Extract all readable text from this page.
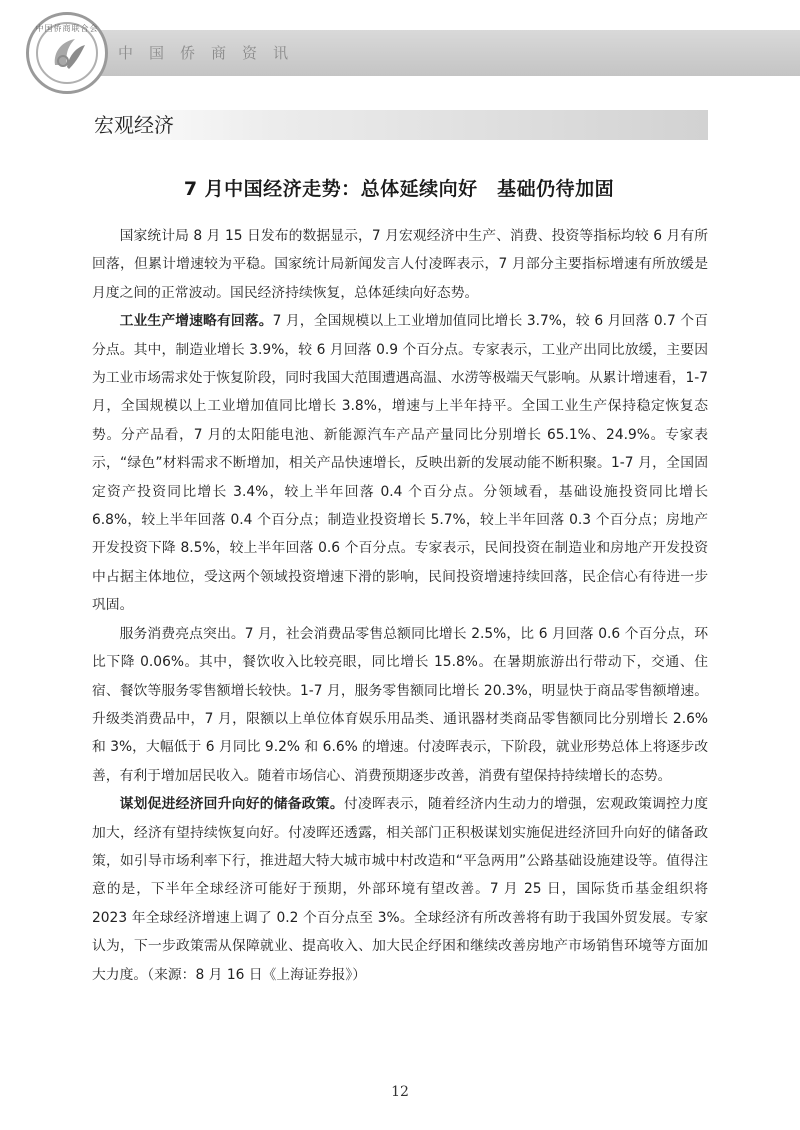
中国侨商联合会
中国侨商资讯
宏观经济
7 月中国经济走势：总体延续向好　基础仍待加固

国家统计局 8 月 15 日发布的数据显示，7 月宏观经济中生产、消费、投资等指标均较 6 月有所回落，但累计增速较为平稳。国家统计局新闻发言人付凌晖表示，7 月部分主要指标增速有所放缓是月度之间的正常波动。国民经济持续恢复，总体延续向好态势。

工业生产增速略有回落。7 月，全国规模以上工业增加值同比增长 3.7%，较 6 月回落 0.7 个百分点。其中，制造业增长 3.9%，较 6 月回落 0.9 个百分点。专家表示，工业产出同比放缓，主要因为工业市场需求处于恢复阶段，同时我国大范围遭遇高温、水涝等极端天气影响。从累计增速看，1-7 月，全国规模以上工业增加值同比增长 3.8%，增速与上半年持平。全国工业生产保持稳定恢复态势。分产品看，7 月的太阳能电池、新能源汽车产品产量同比分别增长 65.1%、24.9%。专家表示，“绿色”材料需求不断增加，相关产品快速增长，反映出新的发展动能不断积聚。1-7 月，全国固定资产投资同比增长 3.4%，较上半年回落 0.4 个百分点。分领域看，基础设施投资同比增长 6.8%，较上半年回落 0.4 个百分点；制造业投资增长 5.7%，较上半年回落 0.3 个百分点；房地产开发投资下降 8.5%，较上半年回落 0.6 个百分点。专家表示，民间投资在制造业和房地产开发投资中占据主体地位，受这两个领域投资增速下滑的影响，民间投资增速持续回落，民企信心有待进一步巩固。

服务消费亮点突出。7 月，社会消费品零售总额同比增长 2.5%，比 6 月回落 0.6 个百分点，环比下降 0.06%。其中，餐饮收入比较亮眼，同比增长 15.8%。在暑期旅游出行带动下，交通、住宿、餐饮等服务零售额增长较快。1-7 月，服务零售额同比增长 20.3%，明显快于商品零售额增速。升级类消费品中，7 月，限额以上单位体育娱乐用品类、通讯器材类商品零售额同比分别增长 2.6% 和 3%，大幅低于 6 月同比 9.2% 和 6.6% 的增速。付凌晖表示，下阶段，就业形势总体上将逐步改善，有利于增加居民收入。随着市场信心、消费预期逐步改善，消费有望保持持续增长的态势。

谋划促进经济回升向好的储备政策。付凌晖表示，随着经济内生动力的增强，宏观政策调控力度加大，经济有望持续恢复向好。付凌晖还透露，相关部门正积极谋划实施促进经济回升向好的储备政策，如引导市场利率下行，推进超大特大城市城中村改造和“平急两用”公路基础设施建设等。值得注意的是，下半年全球经济可能好于预期，外部环境有望改善。7 月 25 日，国际货币基金组织将 2023 年全球经济增速上调了 0.2 个百分点至 3%。全球经济有所改善将有助于我国外贸发展。专家认为，下一步政策需从保障就业、提高收入、加大民企纾困和继续改善房地产市场销售环境等方面加大力度。（来源：8 月 16 日《上海证券报》）

12
